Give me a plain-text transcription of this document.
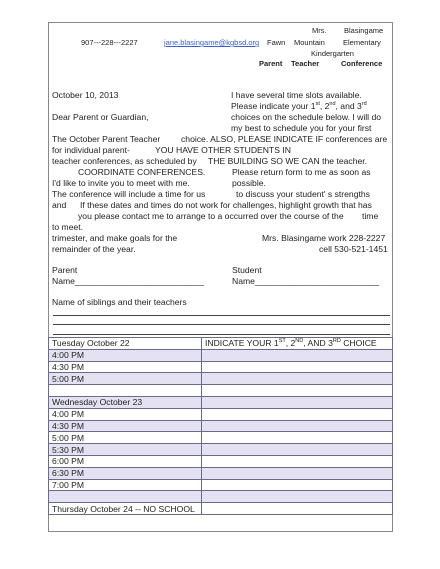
907---228---2227	jane.blasingame@kgbsd.org
Mrs. Blasingame
Fawn Mountain Elementary
Kindergarten
Parent Teacher	Conference
October 10, 2013	I have several time slots available.
Please indicate your 1st, 2nd, and 3rd
Dear Parent or Guardian,	choices on the schedule below. I will do
my best to schedule you for your first
The October Parent Teacher choice. ALSO, PLEASE INDICATE IF conferences are
for individual parent-	YOU HAVE OTHER STUDENTS IN
teacher conferences, as scheduled by THE BUILDING SO WE CAN the teacher.
COORDINATE CONFERENCES.	Please return form to me as soon as
I'd like to invite you to meet with me.	possible.
The conference will include a time for us	to discuss your student' s strengths
and If these dates and times do not work for challenges, highlight growth that has
you please contact me to arrange to a occurred over the course of the time
to meet.
trimester, and make goals for the	Mrs. Blasingame work 228-2227
remainder of the year.	cell 530-521-1451
Parent	Student
Name___________________________	Name__________________________
Name of siblings and their teachers
Tuesday October 22	INDICATE YOUR 1ST, 2ND, AND 3RD CHOICE
4:00 PM	
4:30 PM	
5:00 PM	

Wednesday October 23	
4:00 PM	
4:30 PM	
5:00 PM	
5:30 PM	
6:00 PM	
6:30 PM	
7:00 PM	

Thursday October 24 -- NO SCHOOL	
